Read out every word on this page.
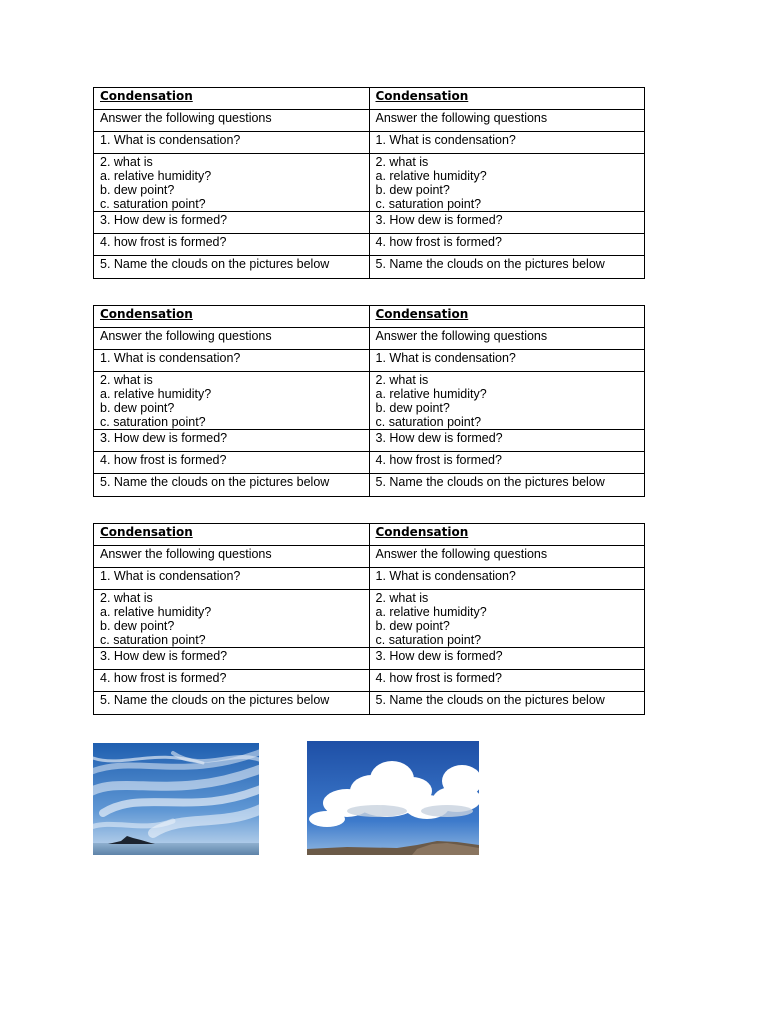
Condensation	Condensation
Answer the following questions	Answer the following questions
1. What is condensation?	1. What is condensation?

2. what is
a. relative humidity?
b. dew point?
c. saturation point?	2. what is
a. relative humidity?
b. dew point?
c. saturation point?

3. How dew is formed?	3. How dew is formed?
4. how frost is formed?	4. how frost is formed?
5. Name the clouds on the pictures below	5. Name the clouds on the pictures below
Condensation	Condensation
Answer the following questions	Answer the following questions
1. What is condensation?	1. What is condensation?

2. what is
a. relative humidity?
b. dew point?
c. saturation point?	2. what is
a. relative humidity?
b. dew point?
c. saturation point?

3. How dew is formed?	3. How dew is formed?
4. how frost is formed?	4. how frost is formed?
5. Name the clouds on the pictures below	5. Name the clouds on the pictures below
Condensation	Condensation
Answer the following questions	Answer the following questions
1. What is condensation?	1. What is condensation?

2. what is
a. relative humidity?
b. dew point?
c. saturation point?	2. what is
a. relative humidity?
b. dew point?
c. saturation point?

3. How dew is formed?	3. How dew is formed?
4. how frost is formed?	4. how frost is formed?
5. Name the clouds on the pictures below	5. Name the clouds on the pictures below
